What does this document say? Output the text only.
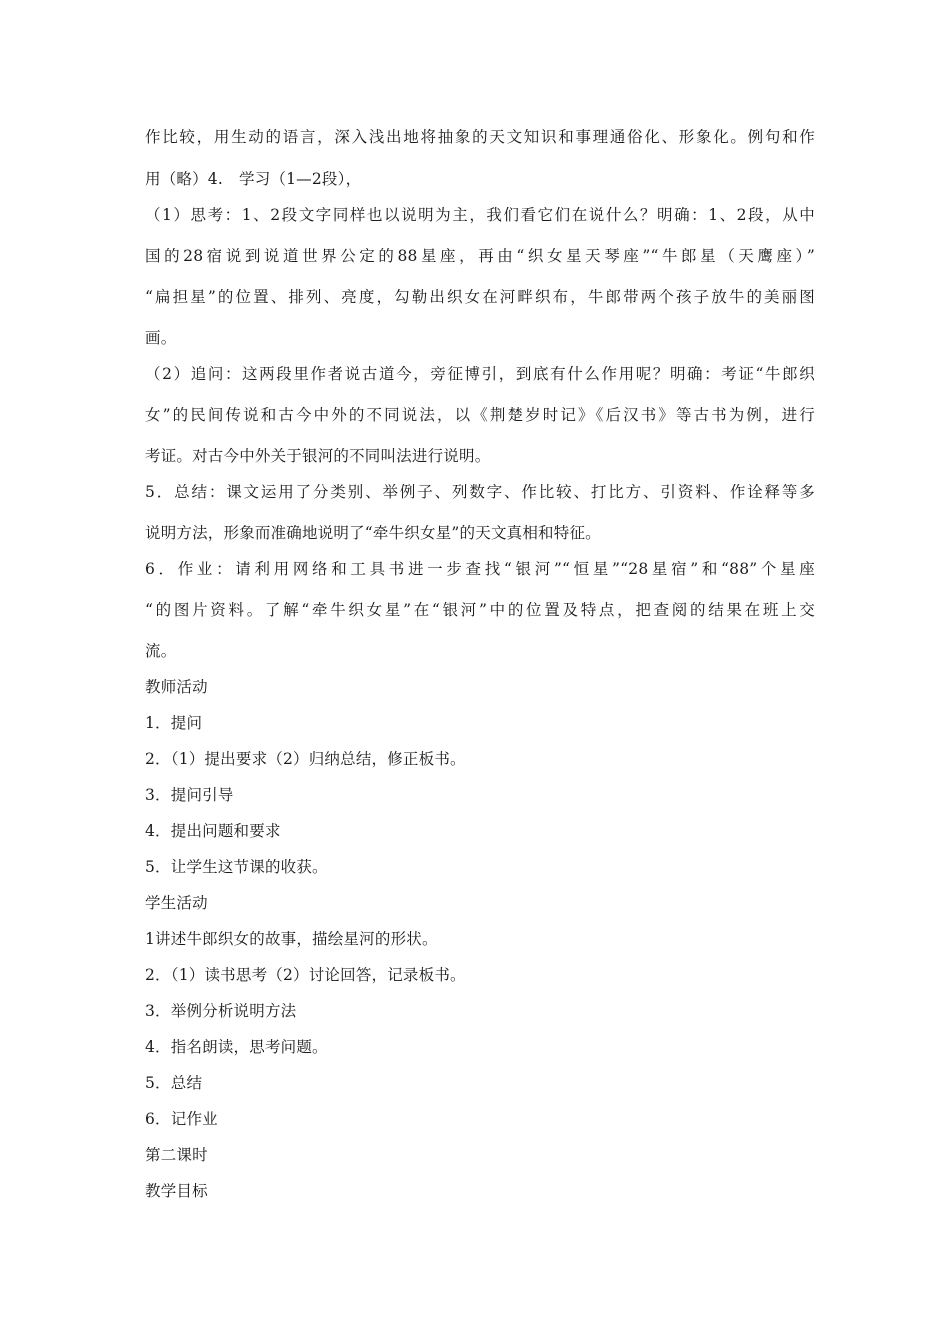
作比较，用生动的语言，深入浅出地将抽象的天文知识和事理通俗化、形象化。例句和作
用（略）4. 学习（1—2段），
（1）思考：1、2段文字同样也以说明为主，我们看它们在说什么？明确：1、2段，从中
国的28宿说到说道世界公定的88星座，再由“织女星天琴座”“牛郎星（天鹰座）”
“扁担星”的位置、排列、亮度，勾勒出织女在河畔织布，牛郎带两个孩子放牛的美丽图
画。
（2）追问：这两段里作者说古道今，旁征博引，到底有什么作用呢？明确：考证“牛郎织
女”的民间传说和古今中外的不同说法，以《荆楚岁时记》《后汉书》等古书为例，进行
考证。对古今中外关于银河的不同叫法进行说明。
5．总结：课文运用了分类别、举例子、列数字、作比较、打比方、引资料、作诠释等多
说明方法，形象而准确地说明了“牵牛织女星”的天文真相和特征。
6．作业：请利用网络和工具书进一步查找“银河”“恒星”“28星宿”和“88”个星座
“的图片资料。了解“牵牛织女星”在“银河”中的位置及特点，把查阅的结果在班上交
流。
教师活动
1．提问
2．（1）提出要求（2）归纳总结，修正板书。
3．提问引导
4．提出问题和要求
5．让学生这节课的收获。
学生活动
1讲述牛郎织女的故事，描绘星河的形状。
2．（1）读书思考（2）讨论回答，记录板书。
3．举例分析说明方法
4．指名朗读，思考问题。
5．总结
6．记作业
第二课时
教学目标
